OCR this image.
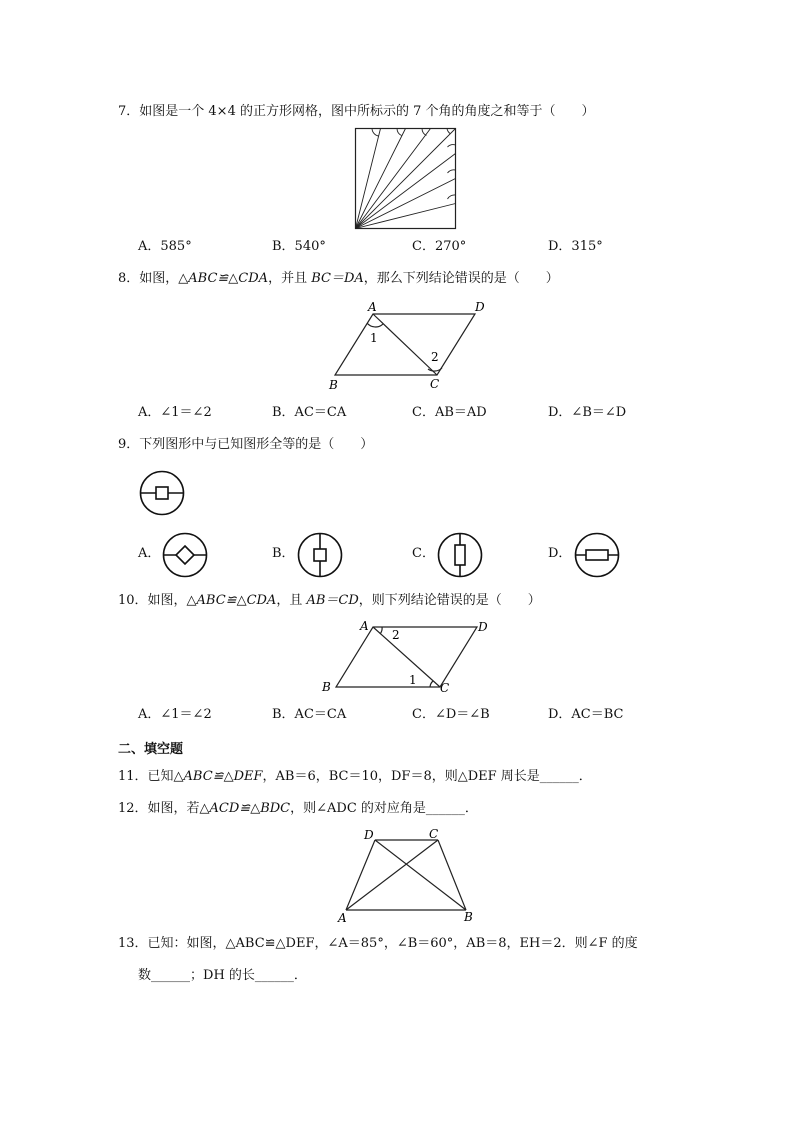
7．如图是一个 4×4 的正方形网格，图中所标示的 7 个角的角度之和等于（　　）
A．585°	B．540°	C．270°	D．315°
8．如图，△ABC≌△CDA，并且 BC＝DA，那么下列结论错误的是（　　）
A	D
B	C
1
2
A．∠1＝∠2	B．AC＝CA	C．AB＝AD	D．∠B＝∠D
9．下列图形中与已知图形全等的是（　　）
A．	B．	C．	D．
10．如图，△ABC≌△CDA，且 AB＝CD，则下列结论错误的是（　　）
A	D
B	C
2
1
A．∠1＝∠2	B．AC＝CA	C．∠D＝∠B	D．AC＝BC
二、填空题
11．已知△ABC≌△DEF，AB＝6，BC＝10，DF＝8，则△DEF 周长是______．
12．如图，若△ACD≌△BDC，则∠ADC 的对应角是______．
D	C
A	B
13．已知：如图，△ABC≌△DEF，∠A＝85°，∠B＝60°，AB＝8，EH＝2．则∠F 的度
数______；DH 的长______．
